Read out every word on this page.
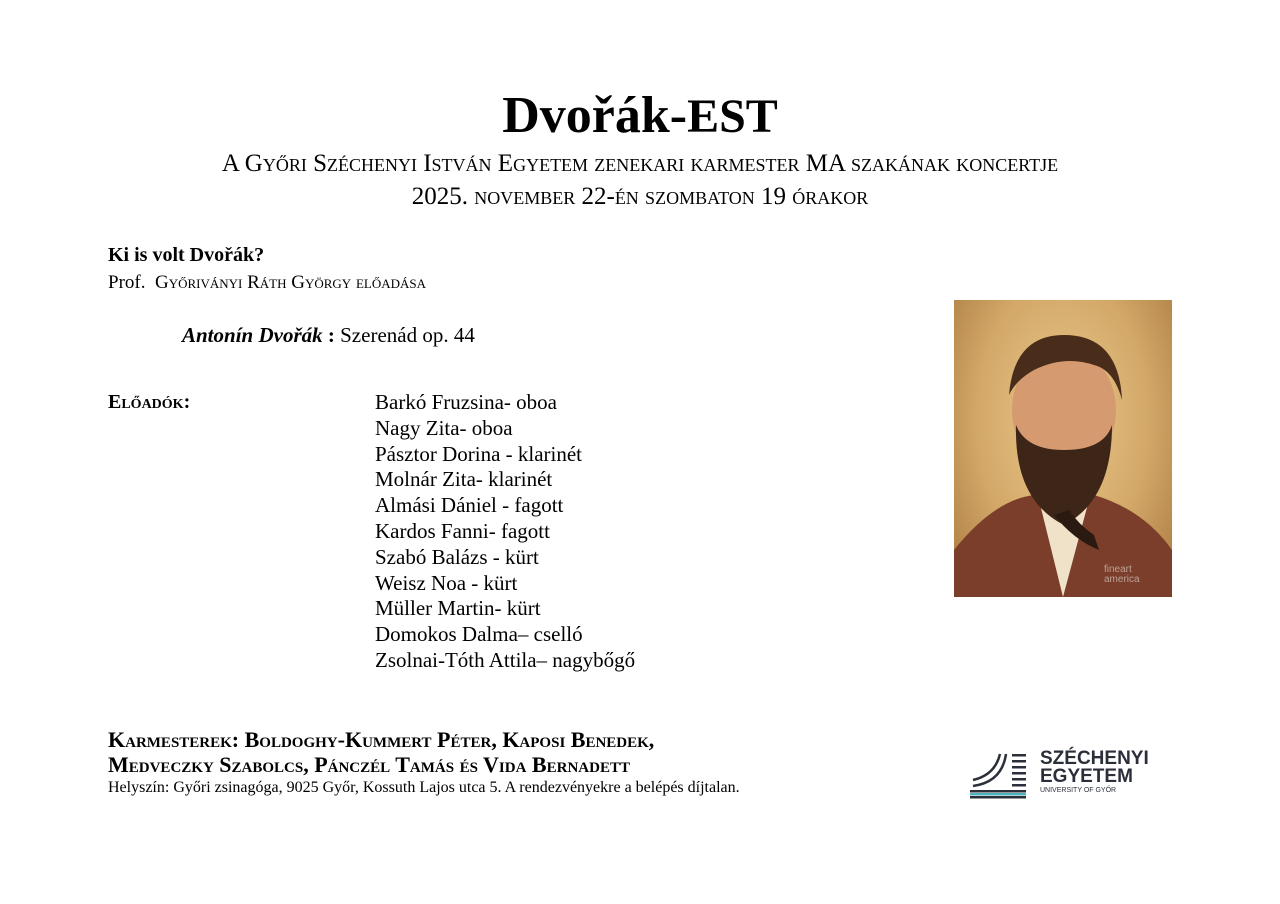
Dvořák-EST
A Győri Széchenyi István Egyetem zenekari karmester MA szakának koncertje
2025. november 22-én szombaton 19 órakor
Ki is volt Dvořák?
Prof. Győriványi Ráth György előadása
Antonín Dvořák : Szerenád op. 44
Előadók:	Barkó Fruzsina- oboa
Nagy Zita- oboa
Pásztor Dorina - klarinét
Molnár Zita- klarinét
Almási Dániel - fagott
Kardos Fanni- fagott
Szabó Balázs - kürt
Weisz Noa - kürt
Müller Martin- kürt
Domokos Dalma– cselló
Zsolnai-Tóth Attila– nagybőgő
Karmesterek: Boldoghy-Kummert Péter, Kaposi Benedek,
Medveczky Szabolcs, Pánczél Tamás és Vida Bernadett
Helyszín: Győri zsinagóga, 9025 Győr, Kossuth Lajos utca 5. A rendezvényekre a belépés díjtalan.
fineart america
SZÉCHENYI
EGYETEM
UNIVERSITY OF GYŐR
